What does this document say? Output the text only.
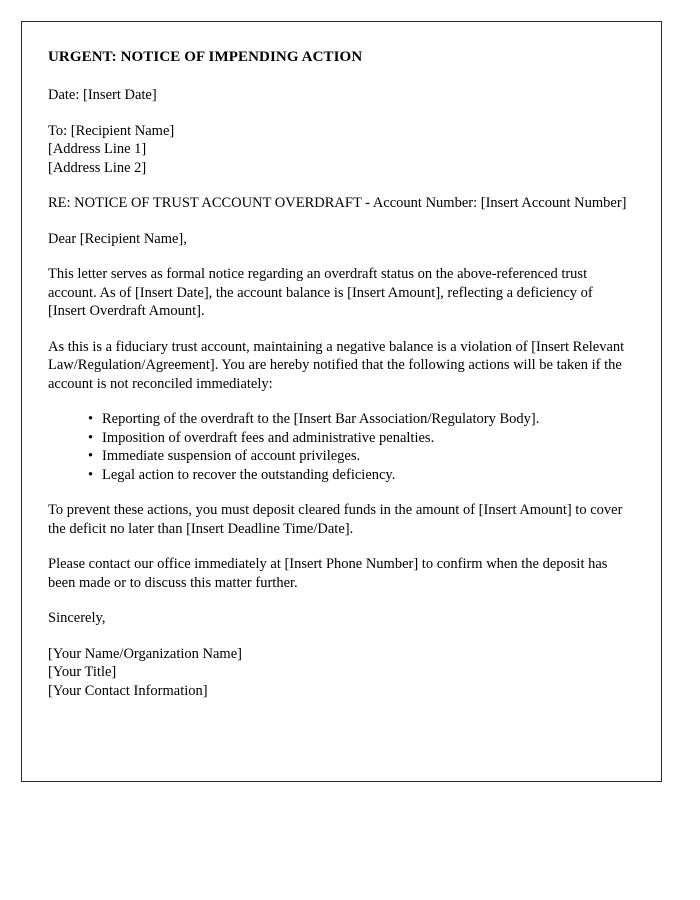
URGENT: NOTICE OF IMPENDING ACTION

Date: [Insert Date]

To: [Recipient Name]
[Address Line 1]
[Address Line 2]

RE: NOTICE OF TRUST ACCOUNT OVERDRAFT - Account Number: [Insert Account Number]

Dear [Recipient Name],

This letter serves as formal notice regarding an overdraft status on the above-referenced trust account. As of [Insert Date], the account balance is [Insert Amount], reflecting a deficiency of [Insert Overdraft Amount].

As this is a fiduciary trust account, maintaining a negative balance is a violation of [Insert Relevant Law/Regulation/Agreement]. You are hereby notified that the following actions will be taken if the account is not reconciled immediately:

• Reporting of the overdraft to the [Insert Bar Association/Regulatory Body].
• Imposition of overdraft fees and administrative penalties.
• Immediate suspension of account privileges.
• Legal action to recover the outstanding deficiency.

To prevent these actions, you must deposit cleared funds in the amount of [Insert Amount] to cover the deficit no later than [Insert Deadline Time/Date].

Please contact our office immediately at [Insert Phone Number] to confirm when the deposit has been made or to discuss this matter further.

Sincerely,

[Your Name/Organization Name]
[Your Title]
[Your Contact Information]
